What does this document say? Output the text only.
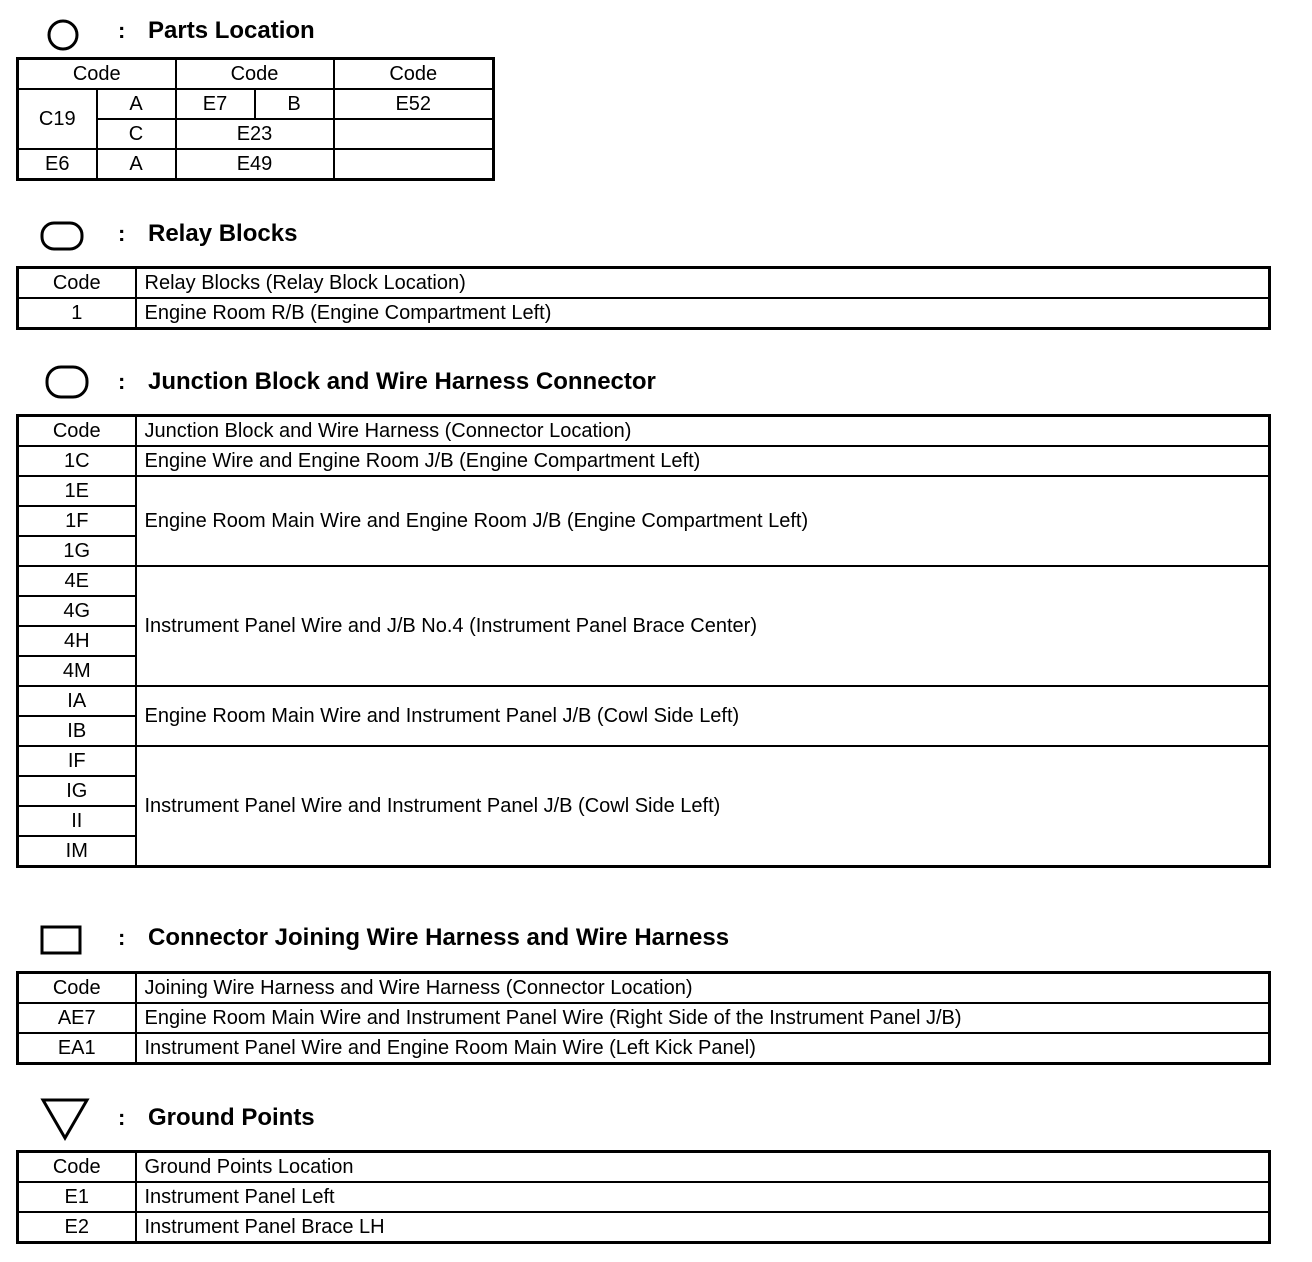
: Parts Location
Code		Code		Code
C19	A	E7	B	E52
	C	E23		
E6	A	E49		
: Relay Blocks
Code	Relay Blocks (Relay Block Location)
1	Engine Room R/B (Engine Compartment Left)
: Junction Block and Wire Harness Connector
Code	Junction Block and Wire Harness (Connector Location)
1C	Engine Wire and Engine Room J/B (Engine Compartment Left)
1E	Engine Room Main Wire and Engine Room J/B (Engine Compartment Left)
1F	
1G	
4E	Instrument Panel Wire and J/B No.4 (Instrument Panel Brace Center)
4G	
4H	
4M	
IA	Engine Room Main Wire and Instrument Panel J/B (Cowl Side Left)
IB	
IF	Instrument Panel Wire and Instrument Panel J/B (Cowl Side Left)
IG	
II	
IM	
: Connector Joining Wire Harness and Wire Harness
Code	Joining Wire Harness and Wire Harness (Connector Location)
AE7	Engine Room Main Wire and Instrument Panel Wire (Right Side of the Instrument Panel J/B)
EA1	Instrument Panel Wire and Engine Room Main Wire (Left Kick Panel)
: Ground Points
Code	Ground Points Location
E1	Instrument Panel Left
E2	Instrument Panel Brace LH
